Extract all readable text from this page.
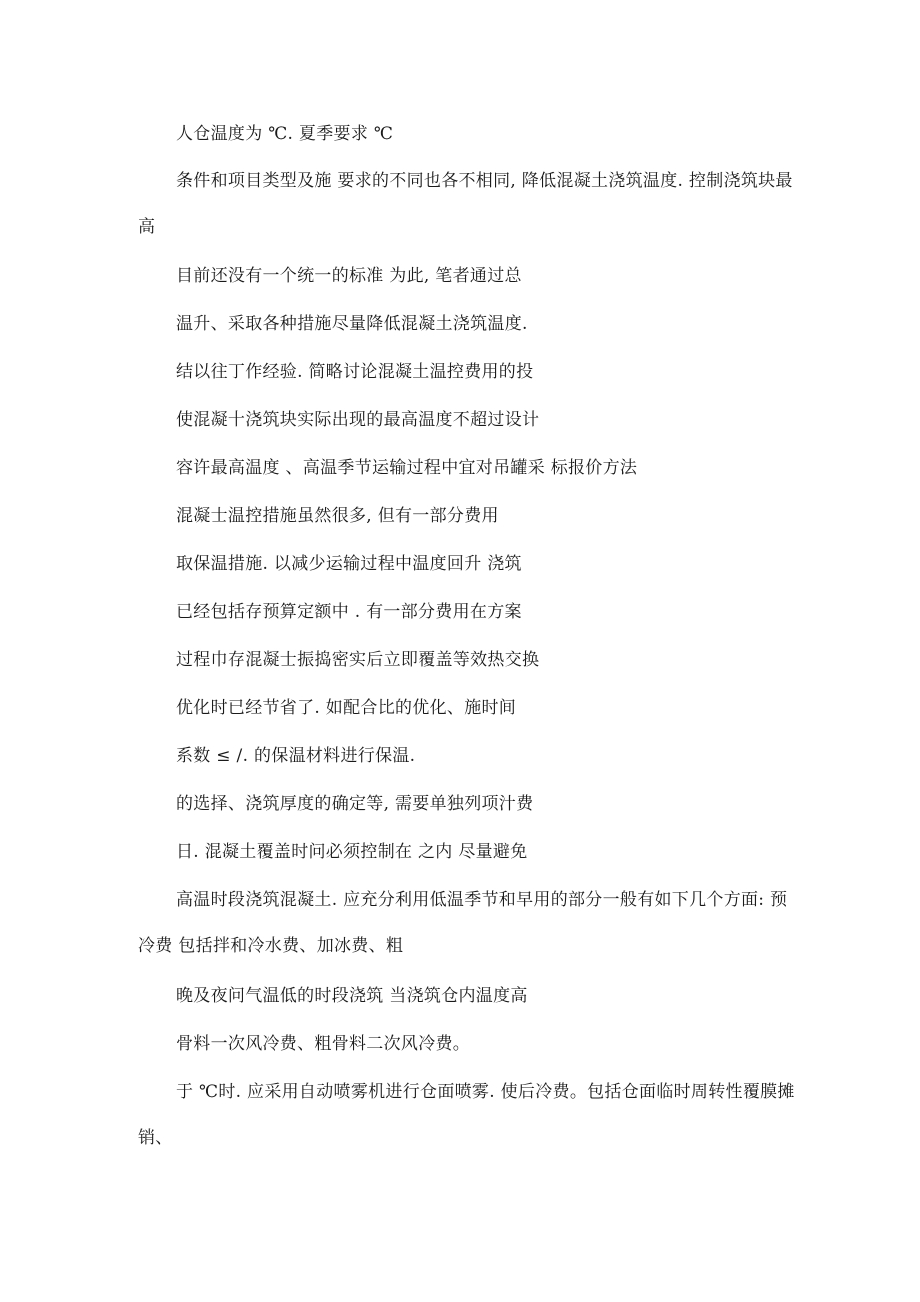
人仓温度为 ℃. 夏季要求 ℃

条件和项目类型及施 要求的不同也各不相同, 降低混凝土浇筑温度. 控制浇筑块最高

目前还没有一个统一的标准 为此, 笔者通过总

温升、采取各种措施尽量降低混凝土浇筑温度.

结以往丁作经验. 简略讨论混凝土温控费用的投

使混凝十浇筑块实际出现的最高温度不超过设计

容许最高温度 、高温季节运输过程中宜对吊罐采 标报价方法

混凝士温控措施虽然很多, 但有一部分费用

取保温措施. 以减少运输过程中温度回升 浇筑

已经包括存预算定额中 . 有一部分费用在方案

过程巾存混凝士振捣密实后立即覆盖等效热交换

优化时已经节省了. 如配合比的优化、施时间

系数 ≤ /. 的保温材料进行保温.

的选择、浇筑厚度的确定等, 需要单独列项汁费

日. 混凝土覆盖时问必须控制在 之内 尽量避免

高温时段浇筑混凝土. 应充分利用低温季节和早用的部分一般有如下几个方面: 预冷费 包括拌和冷水费、加冰费、粗

晚及夜问气温低的时段浇筑 当浇筑仓内温度高

骨料一次风冷费、粗骨料二次风冷费。

于 ℃时. 应采用自动喷雾机进行仓面喷雾. 使后冷费。包括仓面临时周转性覆膜摊销、
